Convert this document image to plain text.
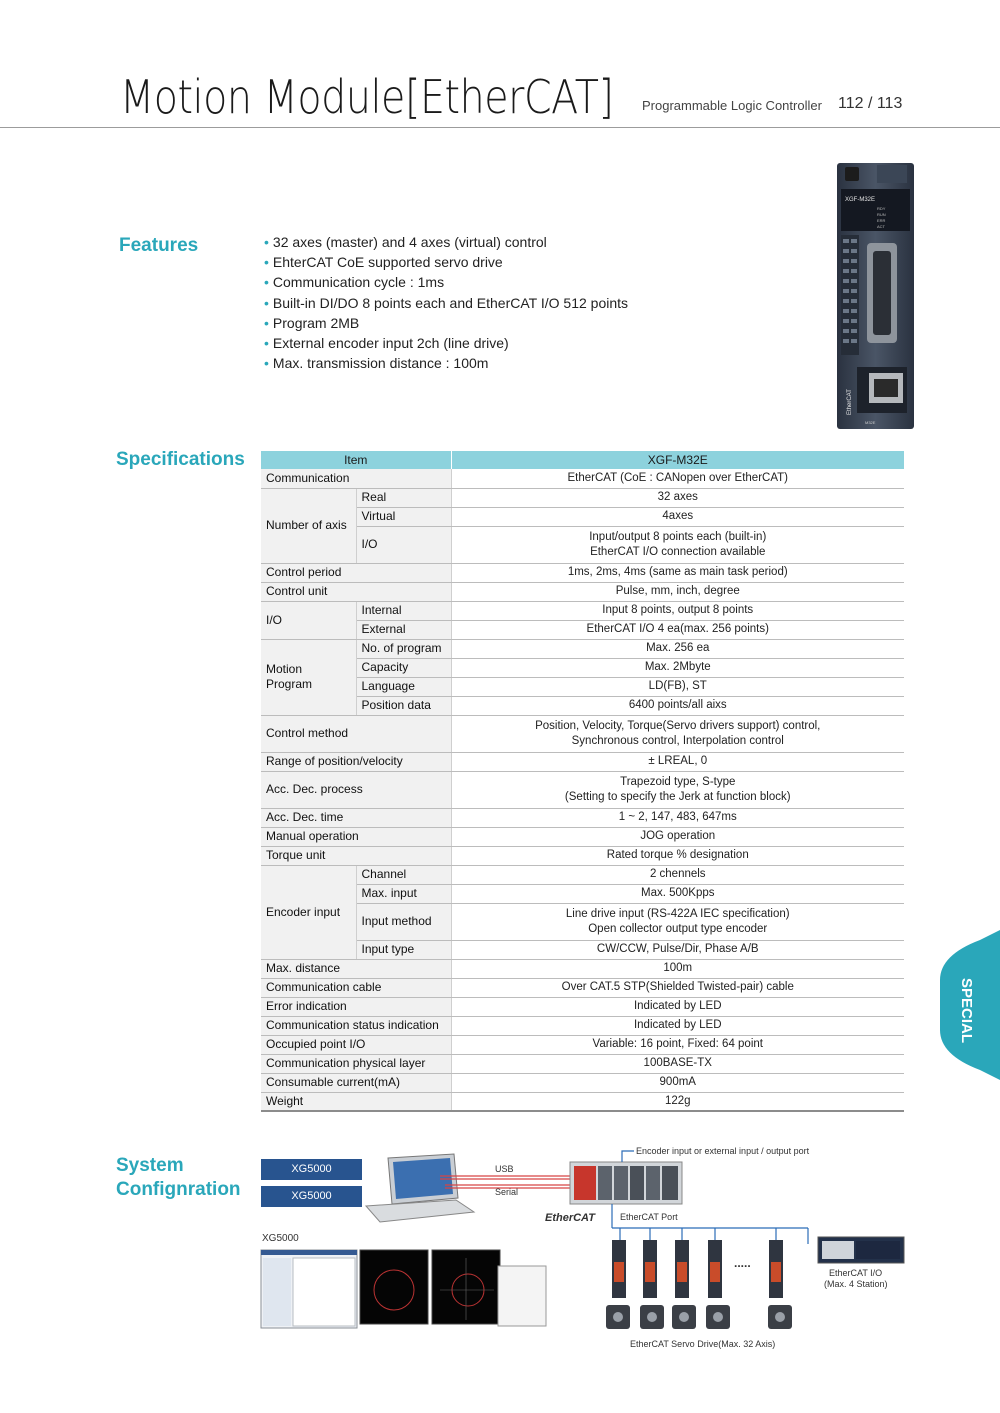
Motion Module[EtherCAT] Programmable Logic Controller 112 / 113
Features	• 32 axes (master) and 4 axes (virtual) control
• EhterCAT CoE supported servo drive
• Communication cycle : 1ms
• Built-in DI/DO 8 points each and EtherCAT I/O 512 points
• Program 2MB
• External encoder input 2ch (line drive)
• Max. transmission distance : 100m
XGF-M32E
RDY
RUN
ERR
ACT
EtherCAT
M32E
Specifications	Item		XGF-M32E
Communication		EtherCAT (CoE : CANopen over EtherCAT)
Number of axis	Real	32 axes
	Virtual	4axes
	I/O	Input/output 8 points each (built-in)
EtherCAT I/O connection available

Control period		1ms, 2ms, 4ms (same as main task period)
Control unit		Pulse, mm, inch, degree
I/O	Internal	Input 8 points, output 8 points
	External	EtherCAT I/O 4 ea(max. 256 points)

Motion
Program	No. of program	Max. 256 ea
	Capacity	Max. 2Mbyte
	Language	LD(FB), ST
	Position data	6400 points/all aixs
Control method		Position, Velocity, Torque(Servo drivers support) control,
Synchronous control, Interpolation control

Range of position/velocity		± LREAL, 0
Acc. Dec. process		Trapezoid type, S-type
(Setting to specify the Jerk at function block)

Acc. Dec. time		1 ~ 2, 147, 483, 647ms
Manual operation		JOG operation
Torque unit		Rated torque % designation
Encoder input	Channel	2 chennels
	Max. input	Max. 500Kpps
	Input method	Line drive input (RS-422A IEC specification)
Open collector output type encoder

	Input type	CW/CCW, Pulse/Dir, Phase A/B
Max. distance		100m
Communication cable		Over CAT.5 STP(Shielded Twisted-pair) cable
Error indication		Indicated by LED
Communication status indication		Indicated by LED
Occupied point I/O		Variable: 16 point, Fixed: 64 point
Communication physical layer		100BASE-TX
Consumable current(mA)		900mA
Weight		122g
SPECIAL
System
Confignration
XG5000
XG5000
XG5000
USB
Serial
Encoder input or external input / output port
EtherCAT	EtherCAT Port
.....
EtherCAT I/O
(Max. 4 Station)
EtherCAT Servo Drive(Max. 32 Axis)
